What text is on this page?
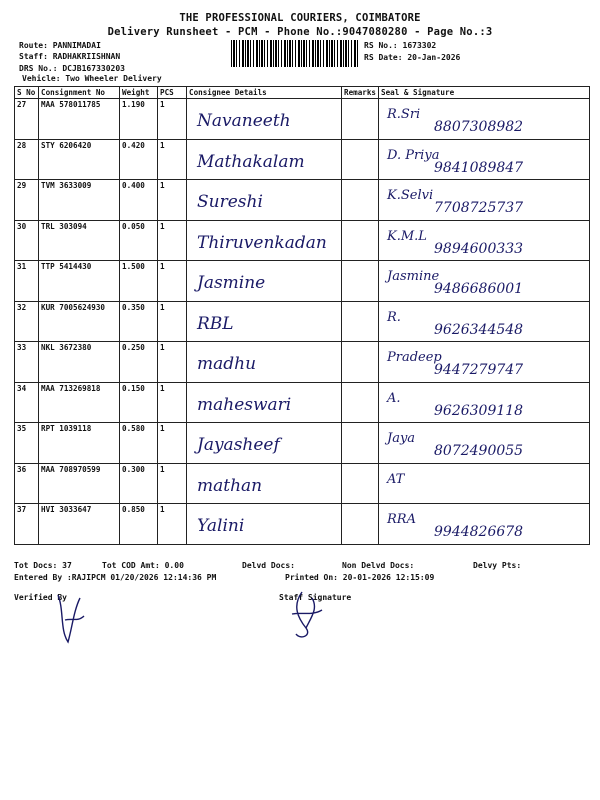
THE PROFESSIONAL COURIERS, COIMBATORE
Delivery Runsheet - PCM - Phone No.:9047080280 - Page No.:3
Route: PANNIMADAI
Staff: RADHAKRIISHNAN
DRS No.: DCJB167330203
Vehicle: Two Wheeler Delivery
RS No.: 1673302
RS Date: 20-Jan-2026
S No	Consignment No	Weight	PCS	Consignee Details	Remarks	Seal & Signature
27	MAA 578011785	1.190	1	Navaneeth		R.Sri
8807308982

28	STY 6206420	0.420	1	Mathakalam		D. Priya
9841089847

29	TVM 3633009	0.400	1	Sureshi		K.Selvi
7708725737

30	TRL 303094	0.050	1	Thiruvenkadan		K.M.L
9894600333

31	TTP 5414430	1.500	1	Jasmine		Jasmine
9486686001

32	KUR 7005624930	0.350	1	RBL		R.
9626344548

33	NKL 3672380	0.250	1	madhu		Pradeep
9447279747

34	MAA 713269818	0.150	1	maheswari		A.
9626309118

35	RPT 1039118	0.580	1	Jayasheef		Jaya
8072490055

36	MAA 708970599	0.300	1	mathan		AT

37	HVI 3033647	0.850	1	Yalini		RRA
9944826678
Tot Docs: 37	Tot COD Amt: 0.00	Delvd Docs:	Non Delvd Docs:	Delvy Pts:
Entered By :RAJIPCM 01/20/2026 12:14:36 PM	Printed On: 20-01-2026 12:15:09
Verified By	Staff Signature
